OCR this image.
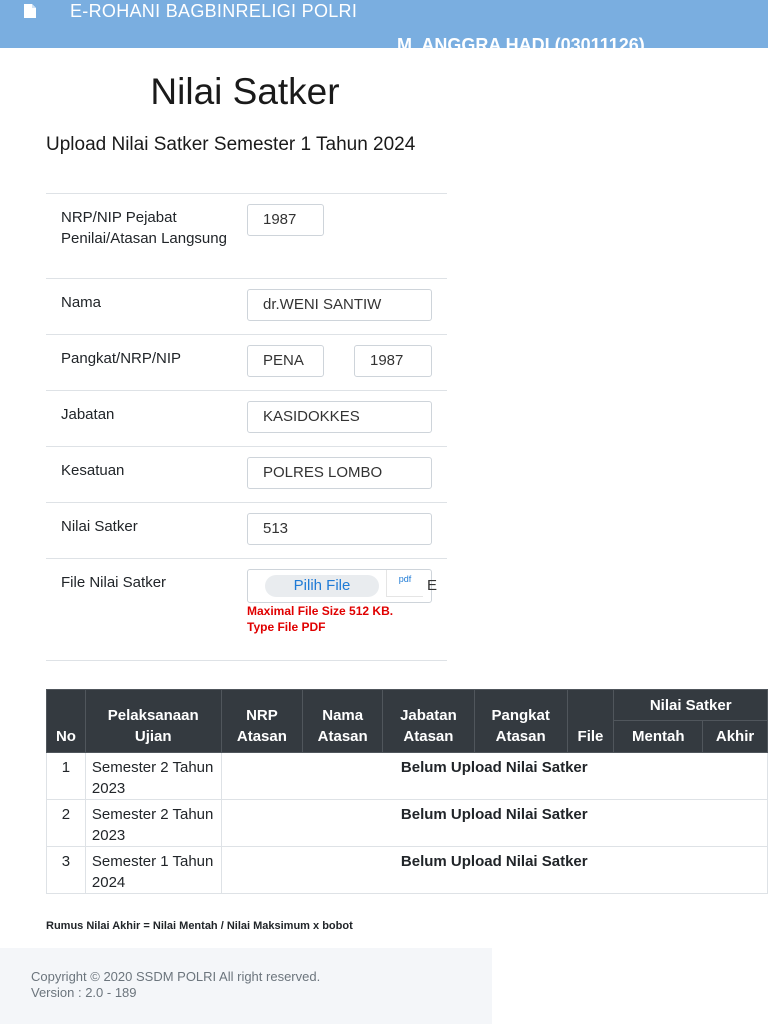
E-ROHANI BAGBINRELIGI POLRI
M. ANGGRA HADI (03011126)
Nilai Satker
Upload Nilai Satker Semester 1 Tahun 2024
NRP/NIP Pejabat Penilai/Atasan Langsung
1987
Nama	dr.WENI SANTIW
Pangkat/NRP/NIP	PENA	1987
Jabatan	KASIDOKKES
Kesatuan	POLRES LOMBO
Nilai Satker	513
File Nilai Satker	Pilih File	pdf	E
Maximal File Size 512 KB. Type File PDF
No	Pelaksanaan Ujian	NRP Atasan	Nama Atasan	Jabatan Atasan	Pangkat Atasan	File	Nilai Satker	
							Mentah	Akhir
1	Semester 2 Tahun 2023	Belum Upload Nilai Satker						
2	Semester 2 Tahun 2023	Belum Upload Nilai Satker						
3	Semester 1 Tahun 2024	Belum Upload Nilai Satker						
Rumus Nilai Akhir = Nilai Mentah / Nilai Maksimum x bobot
Copyright © 2020 SSDM POLRI All right reserved.
Version : 2.0 - 189
